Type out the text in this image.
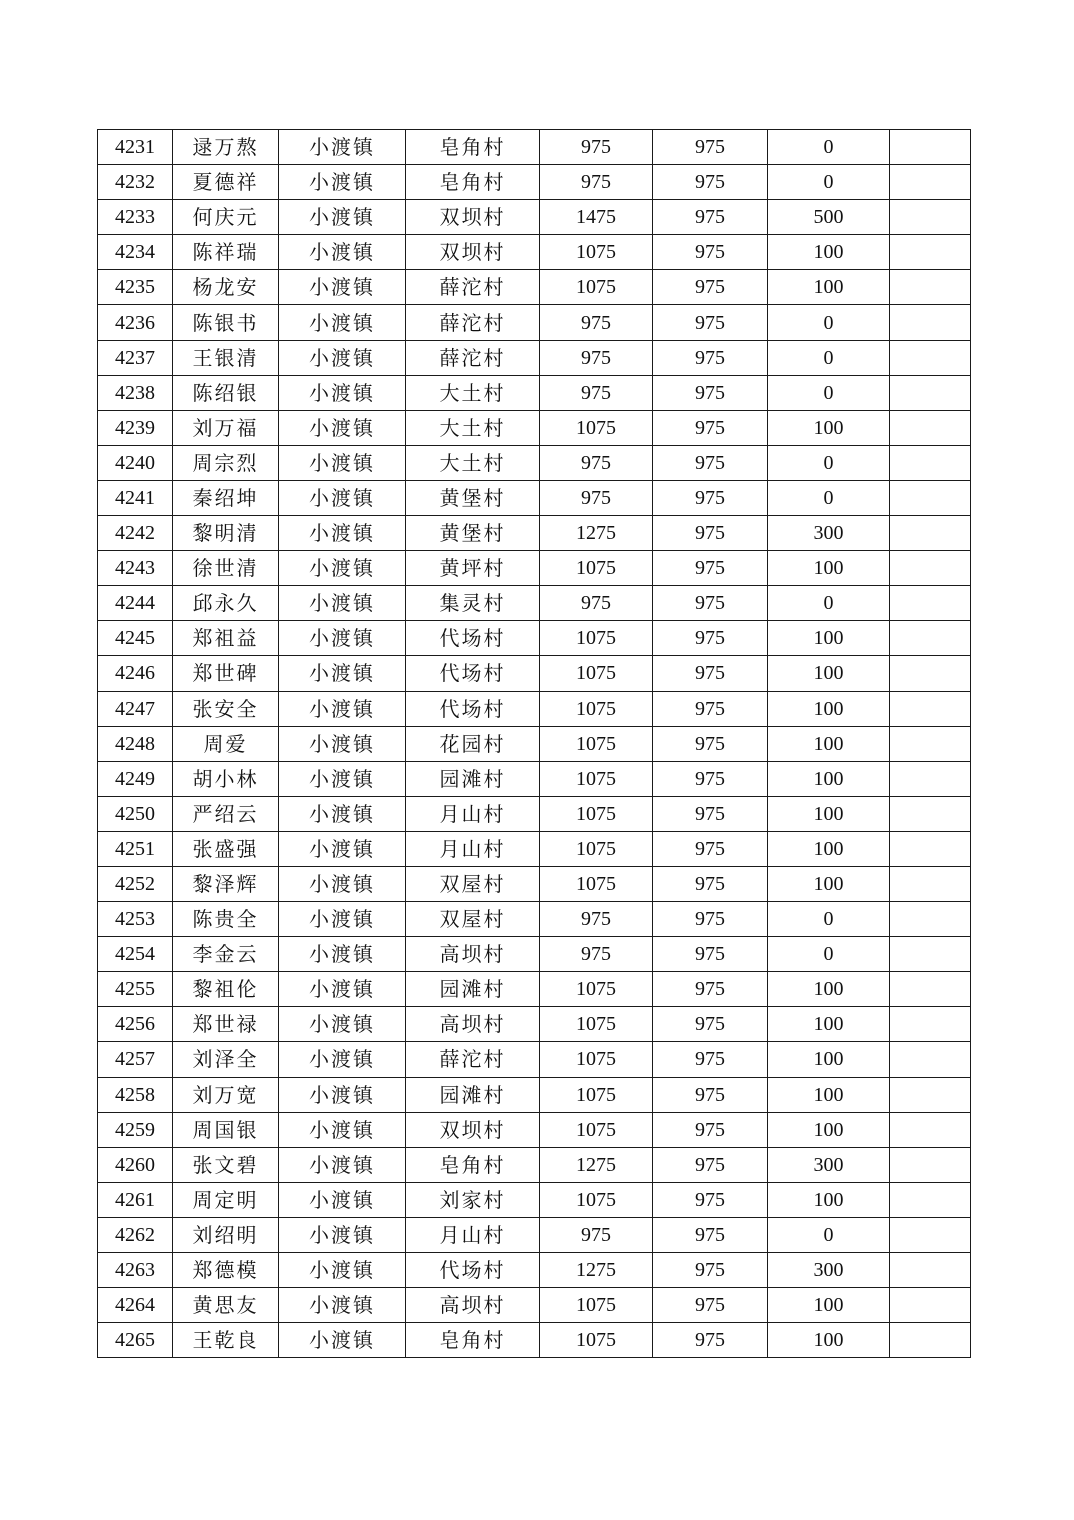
4231	逯万熬	小渡镇	皂角村	975	975	0	
4232	夏德祥	小渡镇	皂角村	975	975	0	
4233	何庆元	小渡镇	双坝村	1475	975	500	
4234	陈祥瑞	小渡镇	双坝村	1075	975	100	
4235	杨龙安	小渡镇	薛沱村	1075	975	100	
4236	陈银书	小渡镇	薛沱村	975	975	0	
4237	王银清	小渡镇	薛沱村	975	975	0	
4238	陈绍银	小渡镇	大土村	975	975	0	
4239	刘万福	小渡镇	大土村	1075	975	100	
4240	周宗烈	小渡镇	大土村	975	975	0	
4241	秦绍坤	小渡镇	黄堡村	975	975	0	
4242	黎明清	小渡镇	黄堡村	1275	975	300	
4243	徐世清	小渡镇	黄坪村	1075	975	100	
4244	邱永久	小渡镇	集灵村	975	975	0	
4245	郑祖益	小渡镇	代场村	1075	975	100	
4246	郑世碑	小渡镇	代场村	1075	975	100	
4247	张安全	小渡镇	代场村	1075	975	100	
4248	周爱	小渡镇	花园村	1075	975	100	
4249	胡小林	小渡镇	园滩村	1075	975	100	
4250	严绍云	小渡镇	月山村	1075	975	100	
4251	张盛强	小渡镇	月山村	1075	975	100	
4252	黎泽辉	小渡镇	双屋村	1075	975	100	
4253	陈贵全	小渡镇	双屋村	975	975	0	
4254	李金云	小渡镇	高坝村	975	975	0	
4255	黎祖伦	小渡镇	园滩村	1075	975	100	
4256	郑世禄	小渡镇	高坝村	1075	975	100	
4257	刘泽全	小渡镇	薛沱村	1075	975	100	
4258	刘万宽	小渡镇	园滩村	1075	975	100	
4259	周国银	小渡镇	双坝村	1075	975	100	
4260	张文碧	小渡镇	皂角村	1275	975	300	
4261	周定明	小渡镇	刘家村	1075	975	100	
4262	刘绍明	小渡镇	月山村	975	975	0	
4263	郑德模	小渡镇	代场村	1275	975	300	
4264	黄思友	小渡镇	高坝村	1075	975	100	
4265	王乾良	小渡镇	皂角村	1075	975	100	
